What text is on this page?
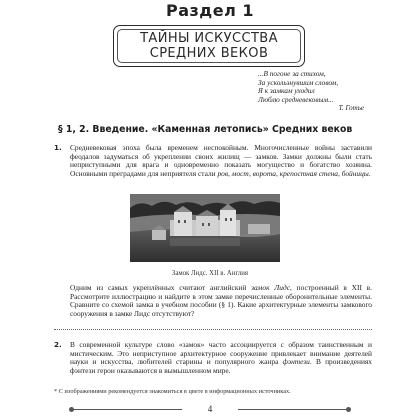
Раздел 1
ТАЙНЫ ИСКУССТВА
СРЕДНИХ ВЕКОВ
...В погоне за стихом,
За ускользнувшим словом,
Я к замкам уходил
Люблю средневековым...
Т. Готье
§ 1, 2. Введение. «Каменная летопись» Средних веков
1. Средневековая эпоха была временем неспокойным. Многочисленные войны заставили феодалов задуматься об укреплении своих жилищ — замков. Замки должны были стать неприступными для врага и одновременно показать могущество и богатство хозяина. Основными преградами для неприятеля стали ров, мост, ворота, крепостная стена, бойницы.
Замок Лидс. XII в. Англия
Одним из самых укреплённых считают английский замок Лидс, построенный в XII в. Рассмотрите иллюстрацию и найдите в этом замке перечисленные оборонительные элементы. Сравните со схемой замка в учебном пособии (§ 1). Какие архитектурные элементы замкового сооружения в замке Лидс отсутствуют?
2. В современной культуре слово «замок» часто ассоциируется с образом таинственным и мистическим. Это неприступное архитектурное сооружение привлекает внимание деятелей науки и искусства, любителей старины и популярного жанра фэнтези. В произведениях фэнтези герои оказываются в вымышленном мире.
* С изображениями рекомендуется знакомиться в цвете в информационных источниках.
4
